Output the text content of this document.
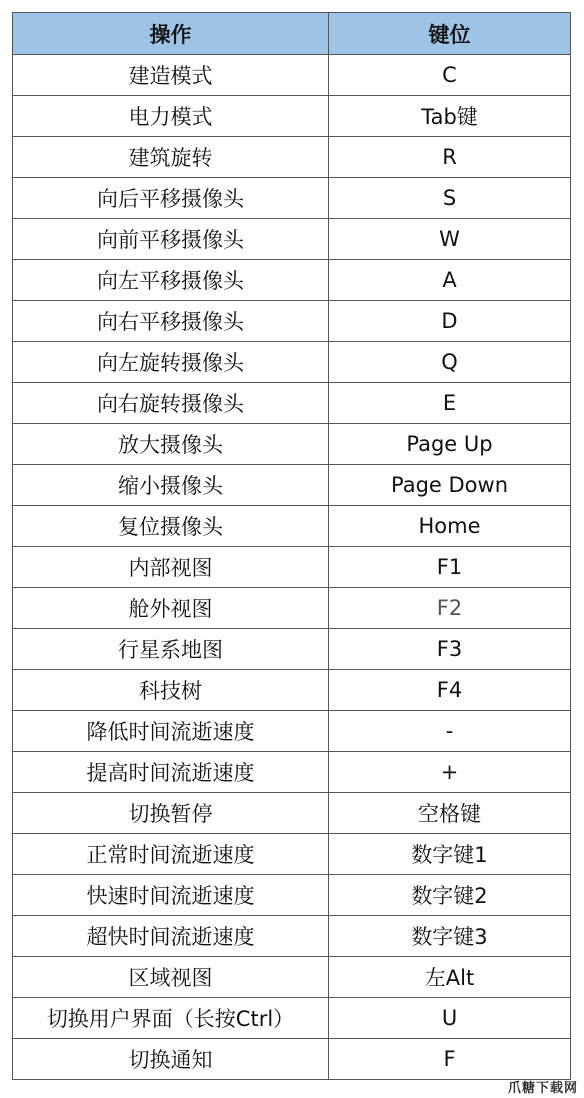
操作	键位
建造模式	C
电力模式	Tab键
建筑旋转	R
向后平移摄像头	S
向前平移摄像头	W
向左平移摄像头	A
向右平移摄像头	D
向左旋转摄像头	Q
向右旋转摄像头	E
放大摄像头	Page Up
缩小摄像头	Page Down
复位摄像头	Home
内部视图	F1
舱外视图	F2
行星系地图	F3
科技树	F4
降低时间流逝速度	-
提高时间流逝速度	+
切换暂停	空格键
正常时间流逝速度	数字键1
快速时间流逝速度	数字键2
超快时间流逝速度	数字键3
区域视图	左Alt
切换用户界面（长按Ctrl）	U
切换通知	F
爪糖下载网
